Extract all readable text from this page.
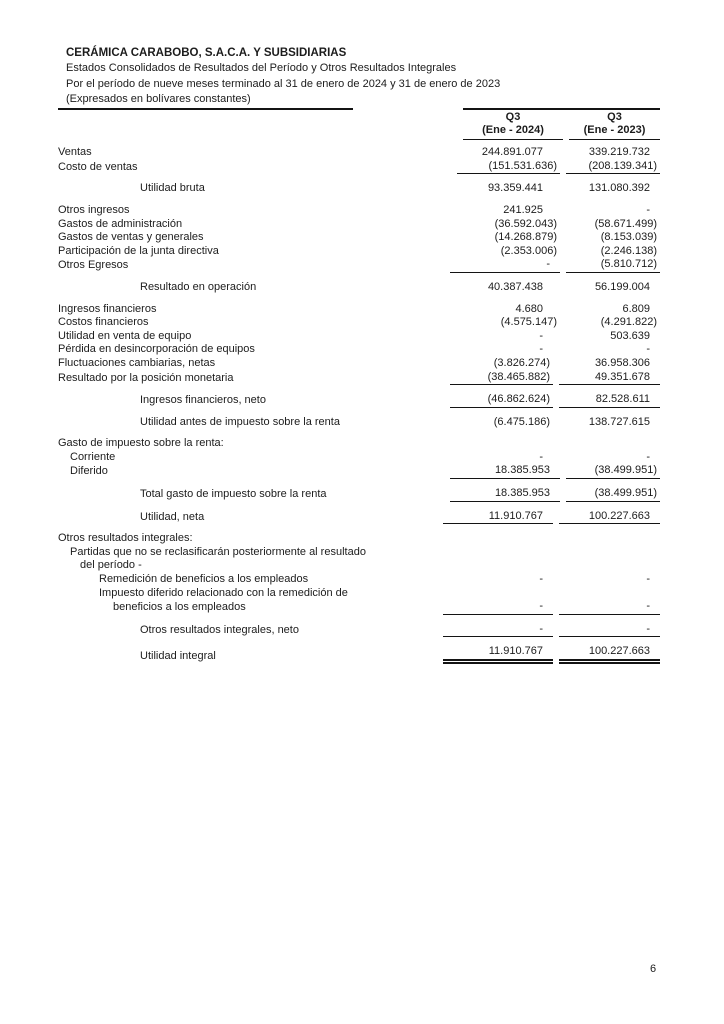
CERÁMICA CARABOBO, S.A.C.A. Y SUBSIDIARIAS
Estados Consolidados de Resultados del Período y Otros Resultados Integrales
Por el período de nueve meses terminado al 31 de enero de 2024 y 31 de enero de 2023
(Expresados en bolívares constantes)
Q3
(Ene - 2024)
Q3
(Ene - 2023)
Ventas	244.891.077	339.219.732
Costo de ventas	(151.531.636)	(208.139.341)
Utilidad bruta	93.359.441	131.080.392
Otros ingresos	241.925	-
Gastos de administración	(36.592.043)	(58.671.499)
Gastos de ventas y generales	(14.268.879)	(8.153.039)
Participación de la junta directiva	(2.353.006)	(2.246.138)
Otros Egresos	-	(5.810.712)
Resultado en operación	40.387.438	56.199.004
Ingresos financieros	4.680	6.809
Costos financieros	(4.575.147)	(4.291.822)
Utilidad en venta de equipo	-	503.639
Pérdida en desincorporación de equipos	-	-
Fluctuaciones cambiarias, netas	(3.826.274)	36.958.306
Resultado por la posición monetaria	(38.465.882)	49.351.678
Ingresos financieros, neto	(46.862.624)	82.528.611
Utilidad antes de impuesto sobre la renta	(6.475.186)	138.727.615
Gasto de impuesto sobre la renta:
Corriente	-	-
Diferido	18.385.953	(38.499.951)
Total gasto de impuesto sobre la renta	18.385.953	(38.499.951)
Utilidad, neta	11.910.767	100.227.663
Otros resultados integrales:
Partidas que no se reclasificarán posteriormente al resultado
del período -
Remedición de beneficios a los empleados	-	-
Impuesto diferido relacionado con la remedición de
beneficios a los empleados	-	-
Otros resultados integrales, neto	-	-
Utilidad integral	11.910.767	100.227.663
6
